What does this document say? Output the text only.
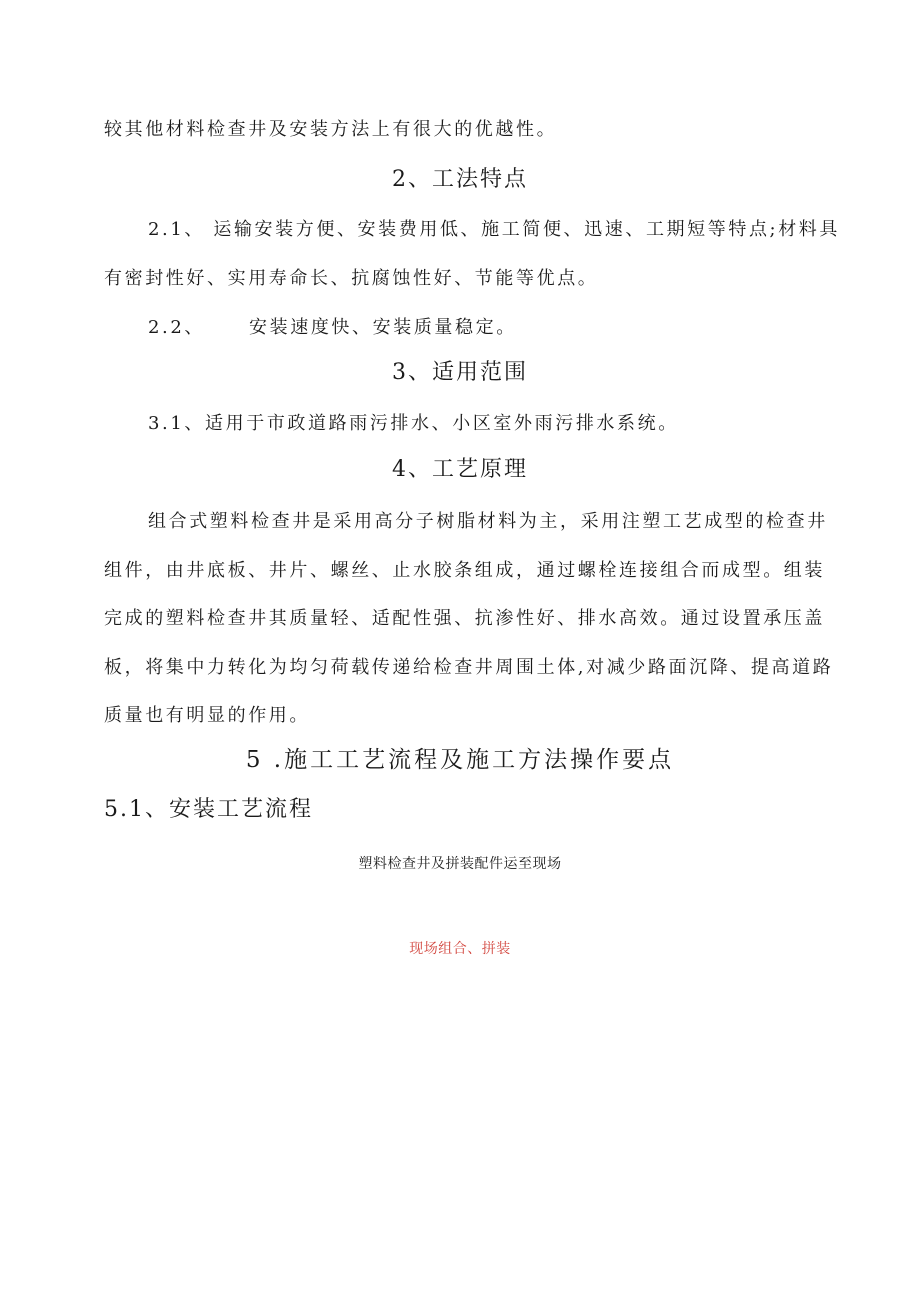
较其他材料检查井及安装方法上有很大的优越性。
2、工法特点
2.1、 运输安装方便、安装费用低、施工简便、迅速、工期短等特点;材料具
有密封性好、实用寿命长、抗腐蚀性好、节能等优点。
2.2、 安装速度快、安装质量稳定。
3、适用范围
3.1、适用于市政道路雨污排水、小区室外雨污排水系统。
4、工艺原理
组合式塑料检查井是采用高分子树脂材料为主，采用注塑工艺成型的检查井
组件，由井底板、井片、螺丝、止水胶条组成，通过螺栓连接组合而成型。组装
完成的塑料检查井其质量轻、适配性强、抗渗性好、排水高效。通过设置承压盖
板，将集中力转化为均匀荷载传递给检查井周围土体,对减少路面沉降、提高道路
质量也有明显的作用。
5 .施工工艺流程及施工方法操作要点
5.1、安装工艺流程
塑料检查井及拼装配件运至现场
现场组合、拼装
